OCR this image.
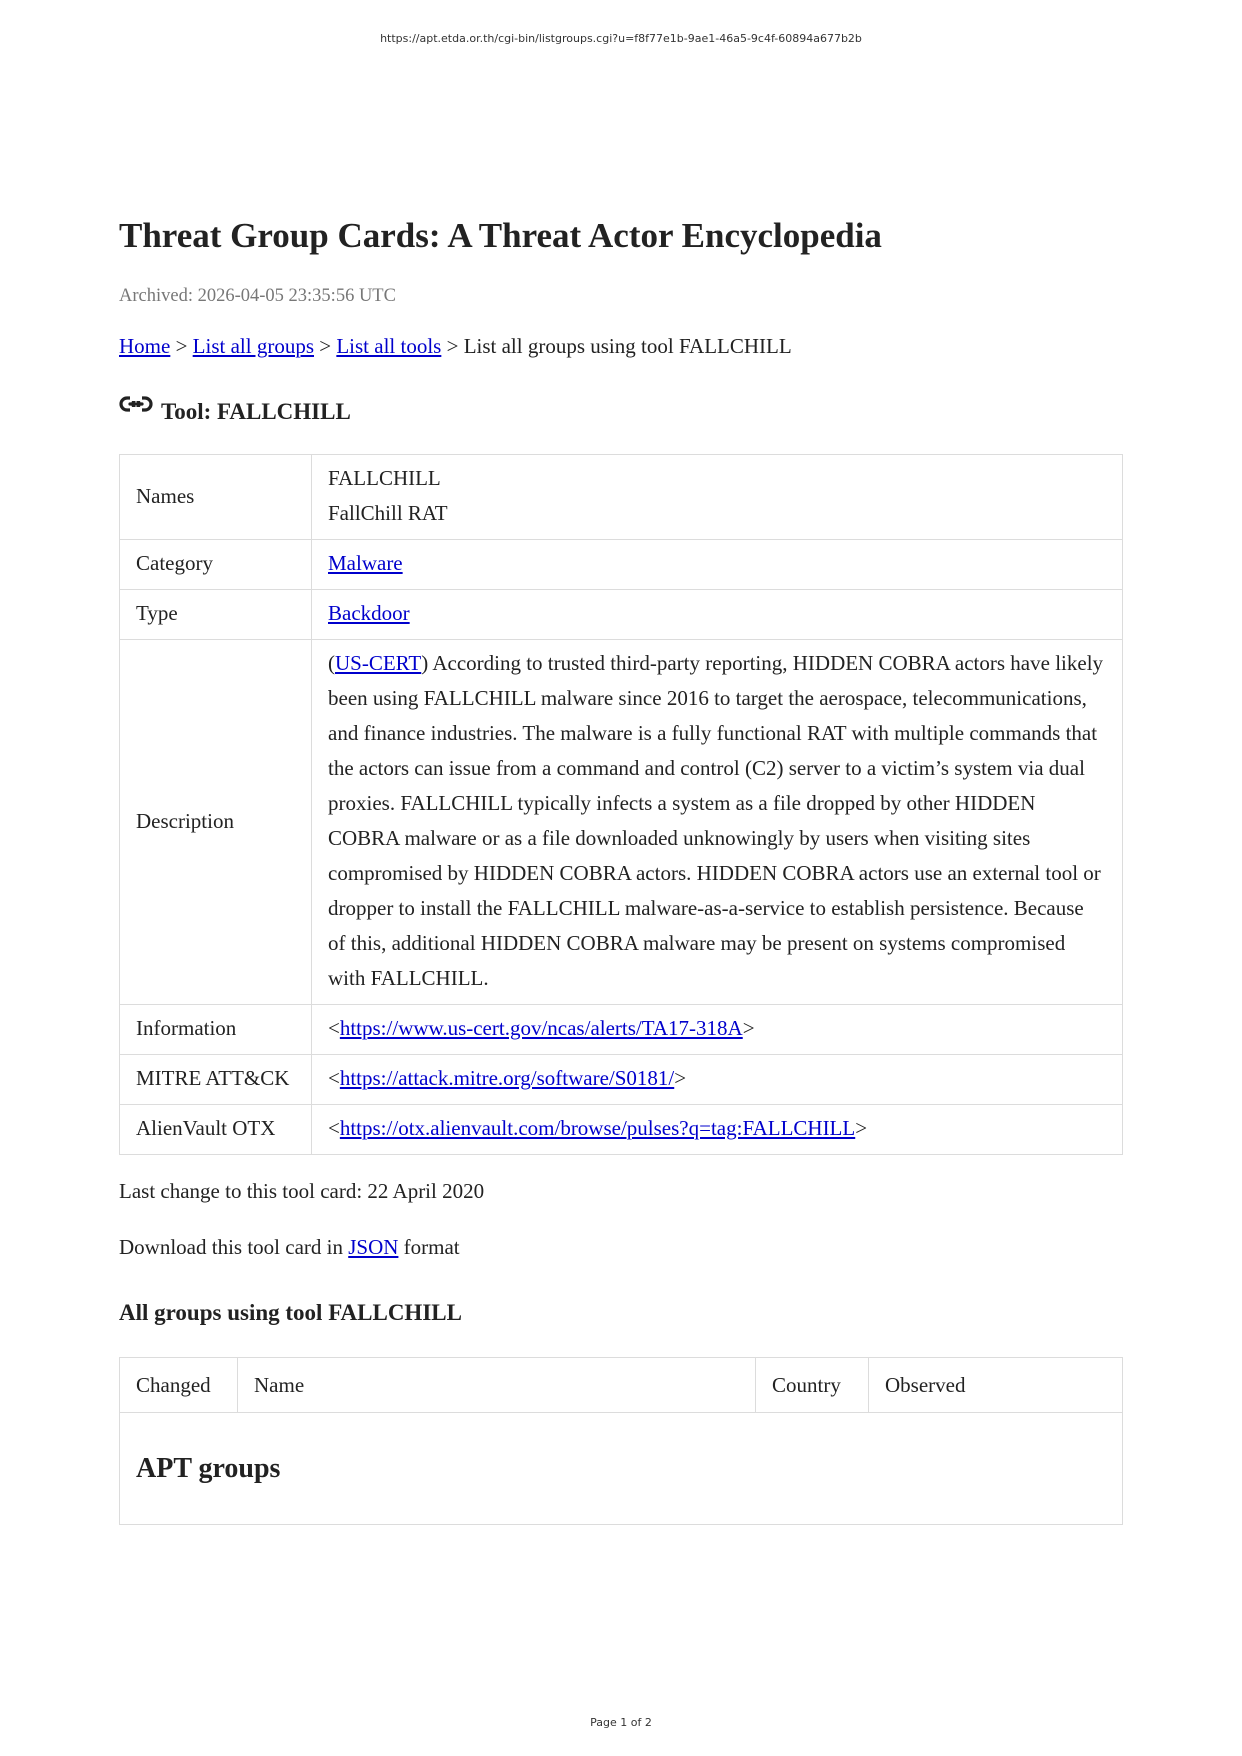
https://apt.etda.or.th/cgi-bin/listgroups.cgi?u=f8f77e1b-9ae1-46a5-9c4f-60894a677b2b
Threat Group Cards: A Threat Actor Encyclopedia
Archived: 2026-04-05 23:35:56 UTC
Home > List all groups > List all tools > List all groups using tool FALLCHILL
Tool: FALLCHILL
Names	FALLCHILL
FallChill RAT

Category	Malware
Type	Backdoor
Description	(US-CERT) According to trusted third-party reporting, HIDDEN COBRA actors have likely been using FALLCHILL malware since 2016 to target the aerospace, telecommunications, and finance industries. The malware is a fully functional RAT with multiple commands that the actors can issue from a command and control (C2) server to a victim’s system via dual proxies. FALLCHILL typically infects a system as a file dropped by other HIDDEN COBRA malware or as a file downloaded unknowingly by users when visiting sites compromised by HIDDEN COBRA actors. HIDDEN COBRA actors use an external tool or dropper to install the FALLCHILL malware-as-a-service to establish persistence. Because of this, additional HIDDEN COBRA malware may be present on systems compromised with FALLCHILL.
Information	<https://www.us-cert.gov/ncas/alerts/TA17-318A>
MITRE ATT&CK	<https://attack.mitre.org/software/S0181/>
AlienVault OTX	<https://otx.alienvault.com/browse/pulses?q=tag:FALLCHILL>
Last change to this tool card: 22 April 2020
Download this tool card in JSON format
All groups using tool FALLCHILL
Changed	Name	Country	Observed
APT groups
Page 1 of 2
